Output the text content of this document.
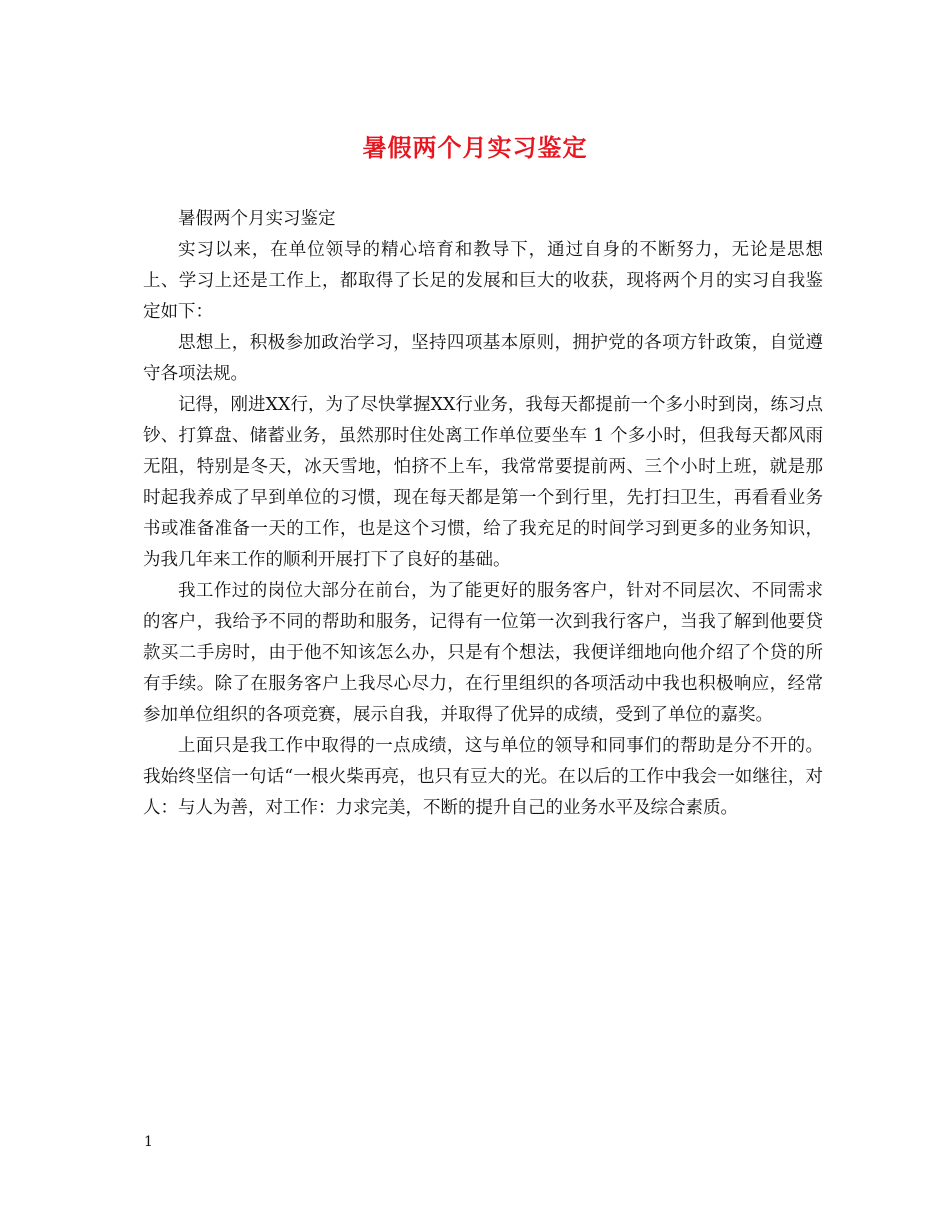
暑假两个月实习鉴定

暑假两个月实习鉴定

实习以来，在单位领导的精心培育和教导下，通过自身的不断努力，无论是思想上、学习上还是工作上，都取得了长足的发展和巨大的收获，现将两个月的实习自我鉴定如下：

思想上，积极参加政治学习，坚持四项基本原则，拥护党的各项方针政策，自觉遵守各项法规。

记得，刚进XX行，为了尽快掌握XX行业务，我每天都提前一个多小时到岗，练习点钞、打算盘、储蓄业务，虽然那时住处离工作单位要坐车 1 个多小时，但我每天都风雨无阻，特别是冬天，冰天雪地，怕挤不上车，我常常要提前两、三个小时上班，就是那时起我养成了早到单位的习惯，现在每天都是第一个到行里，先打扫卫生，再看看业务书或准备准备一天的工作，也是这个习惯，给了我充足的时间学习到更多的业务知识，为我几年来工作的顺利开展打下了良好的基础。

我工作过的岗位大部分在前台，为了能更好的服务客户，针对不同层次、不同需求的客户，我给予不同的帮助和服务，记得有一位第一次到我行客户，当我了解到他要贷款买二手房时，由于他不知该怎么办，只是有个想法，我便详细地向他介绍了个贷的所有手续。除了在服务客户上我尽心尽力，在行里组织的各项活动中我也积极响应，经常参加单位组织的各项竞赛，展示自我，并取得了优异的成绩，受到了单位的嘉奖。

上面只是我工作中取得的一点成绩，这与单位的领导和同事们的帮助是分不开的。我始终坚信一句话“一根火柴再亮，也只有豆大的光。在以后的工作中我会一如继往，对人：与人为善，对工作：力求完美，不断的提升自己的业务水平及综合素质。

1
